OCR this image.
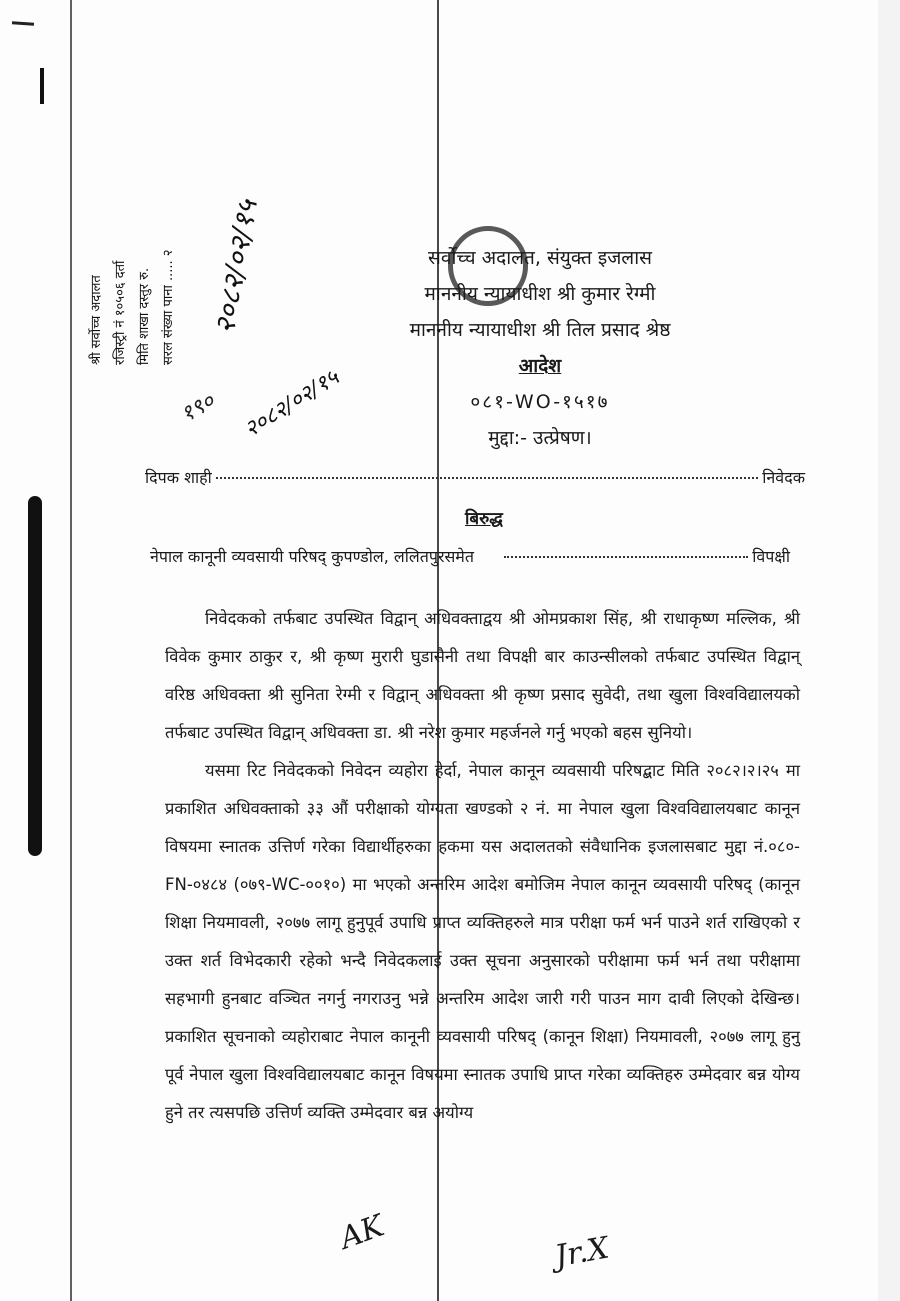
श्री सर्वोच्च अदालत रजिस्ट्री नं १०५०६ दर्ता मिति शाखा दस्तुर रु. सरल संख्या पाना ..... २ २०८२/०२/१५
१९० २०८२/०२/१५
सर्वोच्च अदालत, संयुक्त इजलास
माननीय न्यायाधीश श्री कुमार रेग्मी
माननीय न्यायाधीश श्री तिल प्रसाद श्रेष्ठ
आदेश
०८१-WO-१५१७
मुद्दा:- उत्प्रेषण।
दिपक शाही	निवेदक
बिरुद्ध
नेपाल कानूनी व्यवसायी परिषद् कुपण्डोल, ललितपुरसमेत	विपक्षी

निवेदकको तर्फबाट उपस्थित विद्वान् अधिवक्ताद्वय श्री ओमप्रकाश सिंह, श्री राधाकृष्ण मल्लिक, श्री विवेक कुमार ठाकुर र, श्री कृष्ण मुरारी घुडासैनी तथा विपक्षी बार काउन्सीलको तर्फबाट उपस्थित विद्वान् वरिष्ठ अधिवक्ता श्री सुनिता रेग्मी र विद्वान् अधिवक्ता श्री कृष्ण प्रसाद सुवेदी, तथा खुला विश्वविद्यालयको तर्फबाट उपस्थित विद्वान् अधिवक्ता डा. श्री नरेश कुमार महर्जनले गर्नु भएको बहस सुनियो।

यसमा रिट निवेदकको निवेदन व्यहोरा हेर्दा, नेपाल कानून व्यवसायी परिषद्बाट मिति २०८२।२।२५ मा प्रकाशित अधिवक्ताको ३३ औं परीक्षाको योग्यता खण्डको २ नं. मा नेपाल खुला विश्वविद्यालयबाट कानून विषयमा स्नातक उत्तिर्ण गरेका विद्यार्थीहरुका हकमा यस अदालतको संवैधानिक इजलासबाट मुद्दा नं.०८०-FN-०४८४ (०७९-WC-००१०) मा भएको अन्तरिम आदेश बमोजिम नेपाल कानून व्यवसायी परिषद् (कानून शिक्षा नियमावली, २०७७ लागू हुनुपूर्व उपाधि प्राप्त व्यक्तिहरुले मात्र परीक्षा फर्म भर्न पाउने शर्त राखिएको र उक्त शर्त विभेदकारी रहेको भन्दै निवेदकलाई उक्त सूचना अनुसारको परीक्षामा फर्म भर्न तथा परीक्षामा सहभागी हुनबाट वञ्चित नगर्नु नगराउनु भन्ने अन्तरिम आदेश जारी गरी पाउन माग दावी लिएको देखिन्छ। प्रकाशित सूचनाको व्यहोराबाट नेपाल कानूनी व्यवसायी परिषद् (कानून शिक्षा) नियमावली, २०७७ लागू हुनु पूर्व नेपाल खुला विश्वविद्यालयबाट कानून विषयमा स्नातक उपाधि प्राप्त गरेका व्यक्तिहरु उम्मेदवार बन्न योग्य हुने तर त्यसपछि उत्तिर्ण व्यक्ति उम्मेदवार बन्न अयोग्य

AK	Jr.X
